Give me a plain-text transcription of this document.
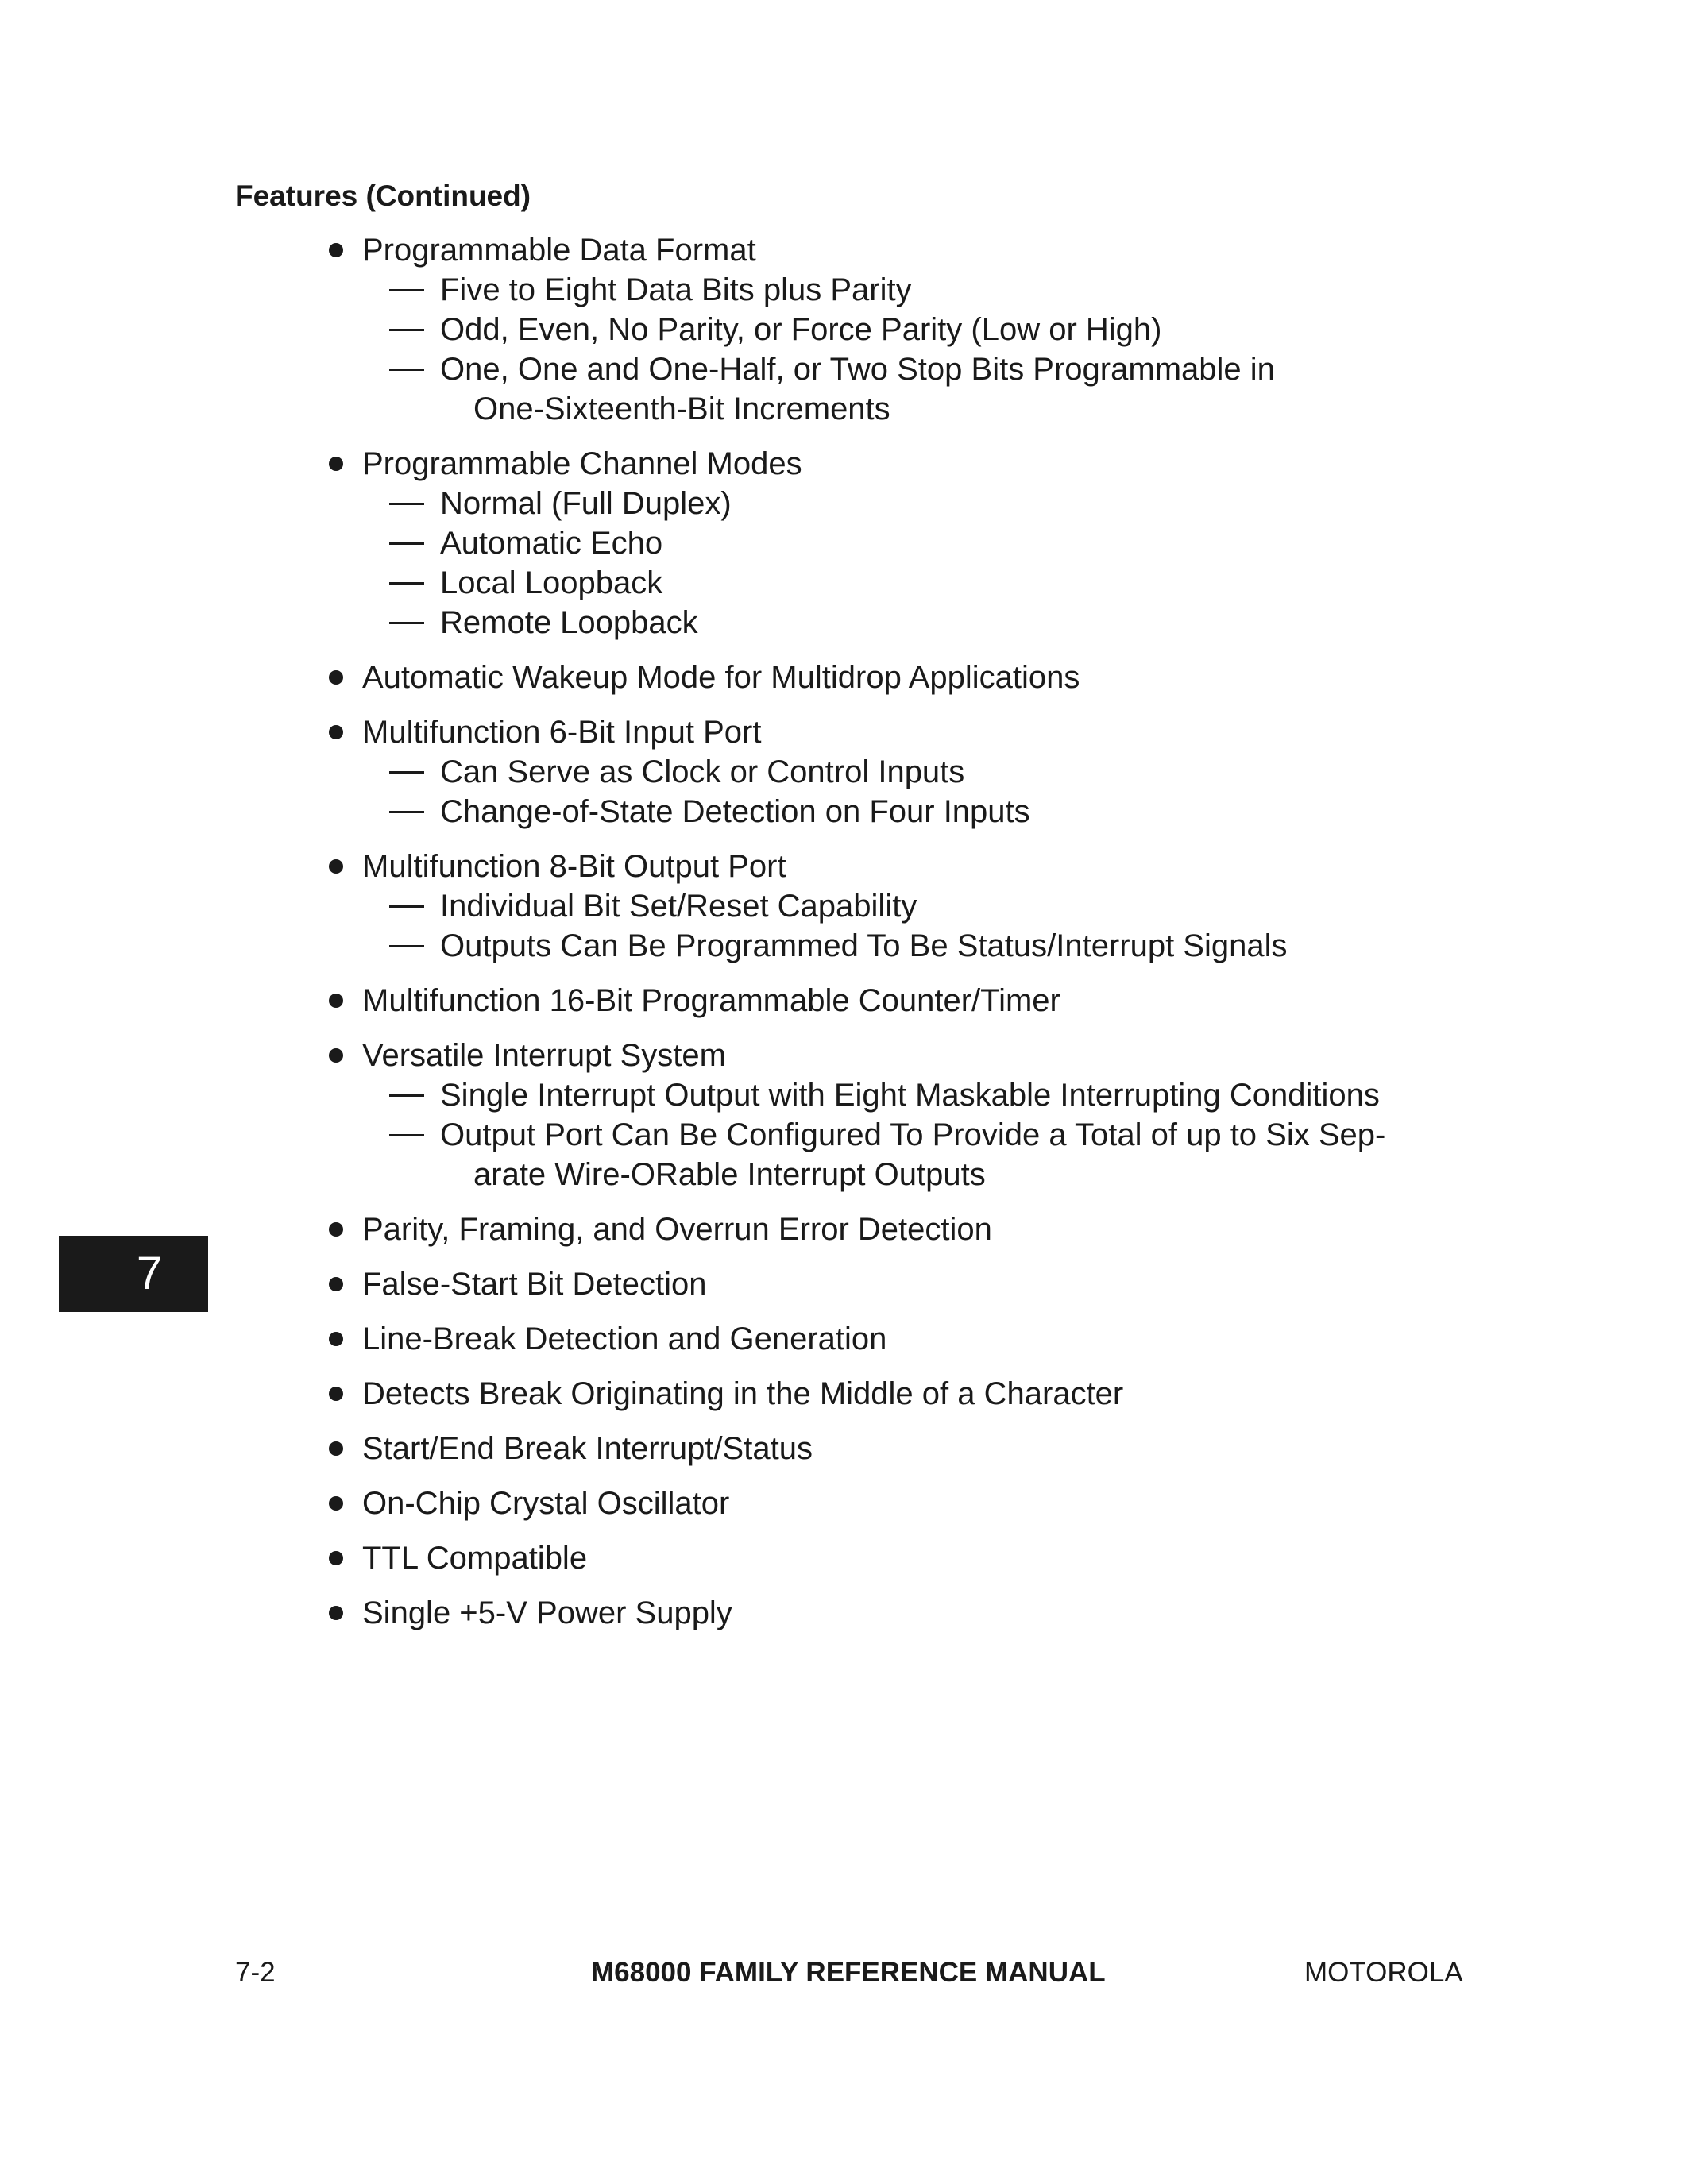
Features (Continued)
Programmable Data Format
Five to Eight Data Bits plus Parity
Odd, Even, No Parity, or Force Parity (Low or High)
One, One and One-Half, or Two Stop Bits Programmable in
One-Sixteenth-Bit Increments
Programmable Channel Modes
Normal (Full Duplex)
Automatic Echo
Local Loopback
Remote Loopback
Automatic Wakeup Mode for Multidrop Applications
Multifunction 6-Bit Input Port
Can Serve as Clock or Control Inputs
Change-of-State Detection on Four Inputs
Multifunction 8-Bit Output Port
Individual Bit Set/Reset Capability
Outputs Can Be Programmed To Be Status/Interrupt Signals
Multifunction 16-Bit Programmable Counter/Timer
Versatile Interrupt System
Single Interrupt Output with Eight Maskable Interrupting Conditions
Output Port Can Be Configured To Provide a Total of up to Six Sep-
arate Wire-ORable Interrupt Outputs
Parity, Framing, and Overrun Error Detection
False-Start Bit Detection
Line-Break Detection and Generation
Detects Break Originating in the Middle of a Character
Start/End Break Interrupt/Status
On-Chip Crystal Oscillator
TTL Compatible
Single +5-V Power Supply
7
7-2	M68000 FAMILY REFERENCE MANUAL	MOTOROLA
